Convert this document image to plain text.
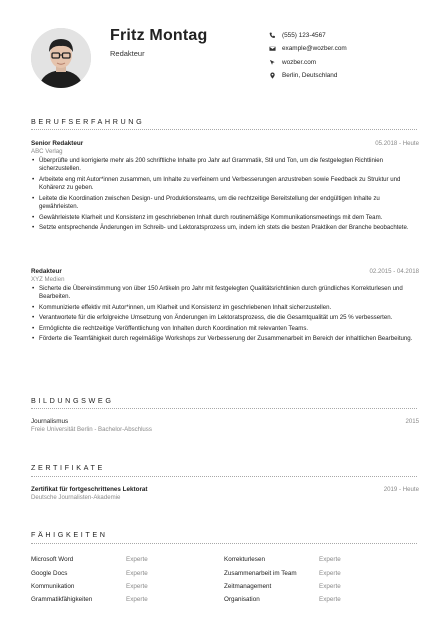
Fritz Montag
Redakteur
(555) 123-4567
example@wozber.com
wozber.com
Berlin, Deutschland
BERUFSERFAHRUNG
Senior Redakteur	05.2018 - Heute
ABC Verlag
• Überprüfte und korrigierte mehr als 200 schriftliche Inhalte pro Jahr auf Grammatik, Stil und Ton, um die festgelegten Richtlinien sicherzustellen.
• Arbeitete eng mit Autor*innen zusammen, um Inhalte zu verfeinern und Verbesserungen anzustreben sowie Feedback zu Struktur und Kohärenz zu geben.
• Leitete die Koordination zwischen Design- und Produktionsteams, um die rechtzeitige Bereitstellung der endgültigen Inhalte zu gewährleisten.
• Gewährleistete Klarheit und Konsistenz im geschriebenen Inhalt durch routinemäßige Kommunikationsmeetings mit dem Team.
• Setzte entsprechende Änderungen im Schreib- und Lektoratsprozess um, indem ich stets die besten Praktiken der Branche beobachtete.
Redakteur	02.2015 - 04.2018
XYZ Medien
• Sicherte die Übereinstimmung von über 150 Artikeln pro Jahr mit festgelegten Qualitätsrichtlinien durch gründliches Korrekturlesen und Bearbeiten.
• Kommunizierte effektiv mit Autor*innen, um Klarheit und Konsistenz im geschriebenen Inhalt sicherzustellen.
• Verantwortete für die erfolgreiche Umsetzung von Änderungen im Lektoratsprozess, die die Gesamtqualität um 25 % verbesserten.
• Ermöglichte die rechtzeitige Veröffentlichung von Inhalten durch Koordination mit relevanten Teams.
• Förderte die Teamfähigkeit durch regelmäßige Workshops zur Verbesserung der Zusammenarbeit im Bereich der inhaltlichen Bearbeitung.
BILDUNGSWEG
Journalismus	2015
Freie Universität Berlin - Bachelor-Abschluss
ZERTIFIKATE
Zertifikat für fortgeschrittenes Lektorat	2019 - Heute
Deutsche Journalisten-Akademie
FÄHIGKEITEN
Microsoft Word	Experte	Korrekturlesen	Experte
Google Docs	Experte	Zusammenarbeit im Team	Experte
Kommunikation	Experte	Zeitmanagement	Experte
Grammatikfähigkeiten	Experte	Organisation	Experte
